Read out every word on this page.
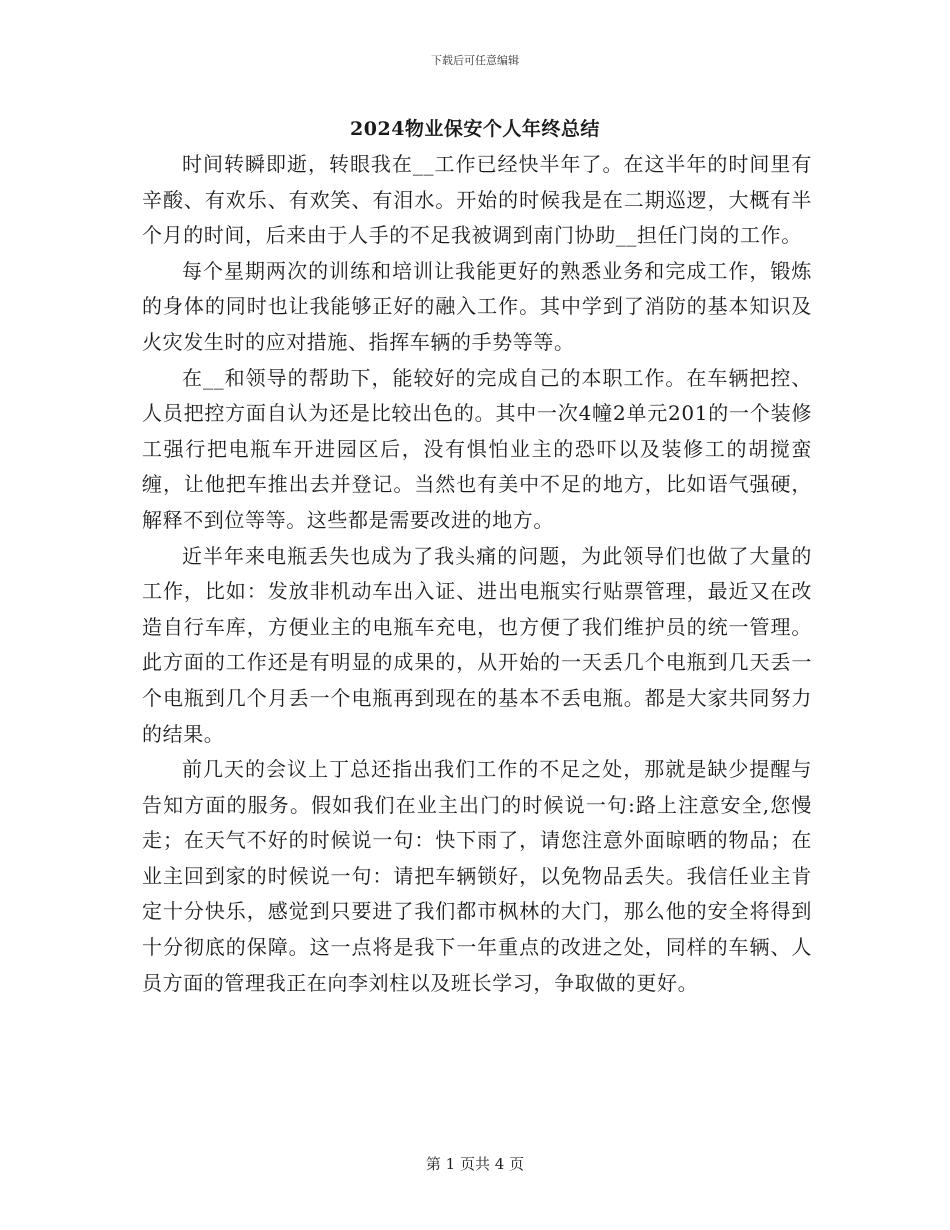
下载后可任意编辑
2024物业保安个人年终总结

时间转瞬即逝，转眼我在__工作已经快半年了。在这半年的时间里有辛酸、有欢乐、有欢笑、有泪水。开始的时候我是在二期巡逻，大概有半个月的时间，后来由于人手的不足我被调到南门协助__担任门岗的工作。

每个星期两次的训练和培训让我能更好的熟悉业务和完成工作，锻炼的身体的同时也让我能够正好的融入工作。其中学到了消防的基本知识及火灾发生时的应对措施、指挥车辆的手势等等。

在__和领导的帮助下，能较好的完成自己的本职工作。在车辆把控、人员把控方面自认为还是比较出色的。其中一次4幢2单元201的一个装修工强行把电瓶车开进园区后，没有惧怕业主的恐吓以及装修工的胡搅蛮缠，让他把车推出去并登记。当然也有美中不足的地方，比如语气强硬，解释不到位等等。这些都是需要改进的地方。

近半年来电瓶丢失也成为了我头痛的问题，为此领导们也做了大量的工作，比如：发放非机动车出入证、进出电瓶实行贴票管理，最近又在改造自行车库，方便业主的电瓶车充电，也方便了我们维护员的统一管理。此方面的工作还是有明显的成果的，从开始的一天丢几个电瓶到几天丢一个电瓶到几个月丢一个电瓶再到现在的基本不丢电瓶。都是大家共同努力的结果。

前几天的会议上丁总还指出我们工作的不足之处，那就是缺少提醒与告知方面的服务。假如我们在业主出门的时候说一句:路上注意安全,您慢走；在天气不好的时候说一句：快下雨了，请您注意外面晾晒的物品；在业主回到家的时候说一句：请把车辆锁好，以免物品丢失。我信任业主肯定十分快乐，感觉到只要进了我们都市枫林的大门，那么他的安全将得到十分彻底的保障。这一点将是我下一年重点的改进之处，同样的车辆、人员方面的管理我正在向李刘柱以及班长学习，争取做的更好。

第 1 页共 4 页
